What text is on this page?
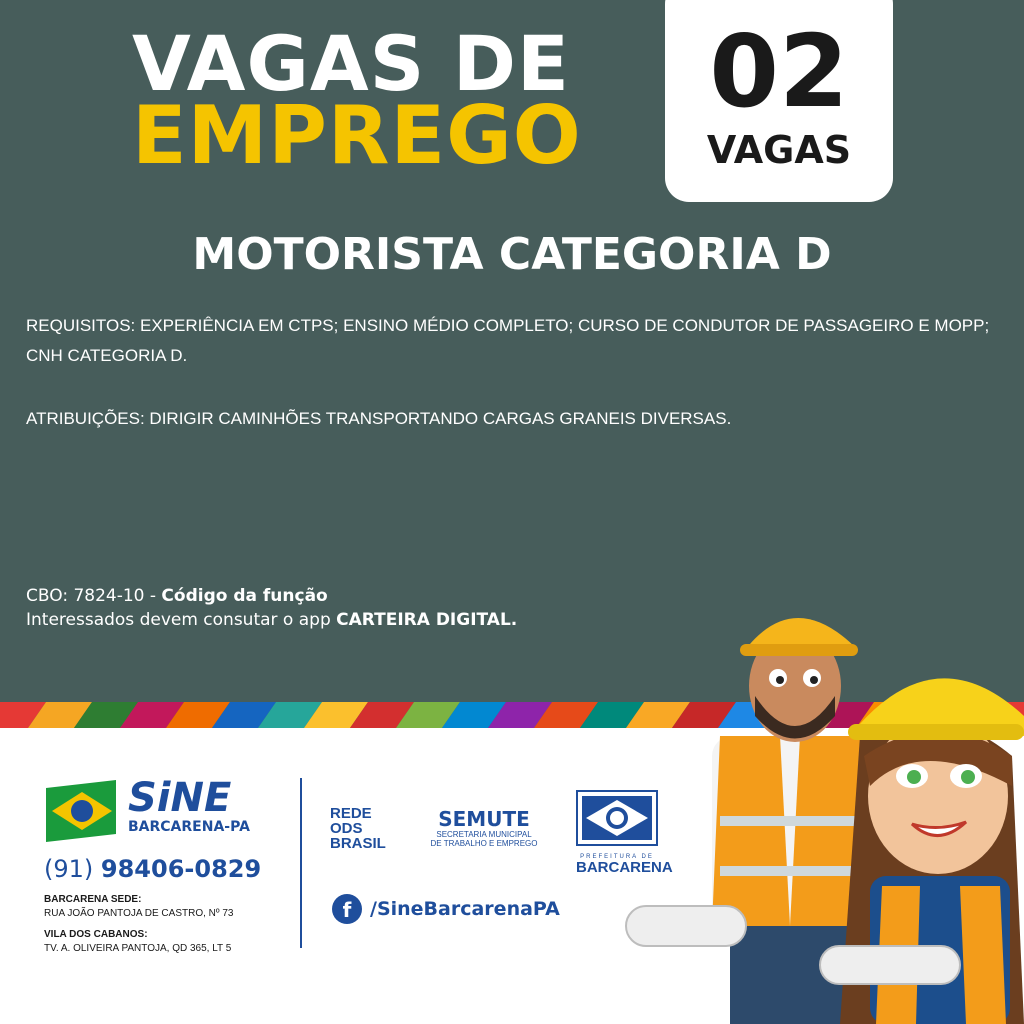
VAGAS DE
EMPREGO
02
VAGAS
MOTORISTA CATEGORIA D
REQUISITOS: EXPERIÊNCIA EM CTPS; ENSINO MÉDIO COMPLETO; CURSO DE CONDUTOR DE PASSAGEIRO E MOPP; CNH CATEGORIA D.
ATRIBUIÇÕES: DIRIGIR CAMINHÕES TRANSPORTANDO CARGAS GRANEIS DIVERSAS.
CBO: 7824-10 - Código da função
Interessados devem consutar o app CARTEIRA DIGITAL.
SiNE
BARCARENA-PA
(91) 98406-0829
BARCARENA SEDE:
RUA JOÃO PANTOJA DE CASTRO, Nº 73
VILA DOS CABANOS:
TV. A. OLIVEIRA PANTOJA, QD 365, LT 5
REDE
ODS
BRASIL
SEMUTE
SECRETARIA MUNICIPAL
DE TRABALHO E EMPREGO
PREFEITURA DE
BARCARENA
f /SineBarcarenaPA
